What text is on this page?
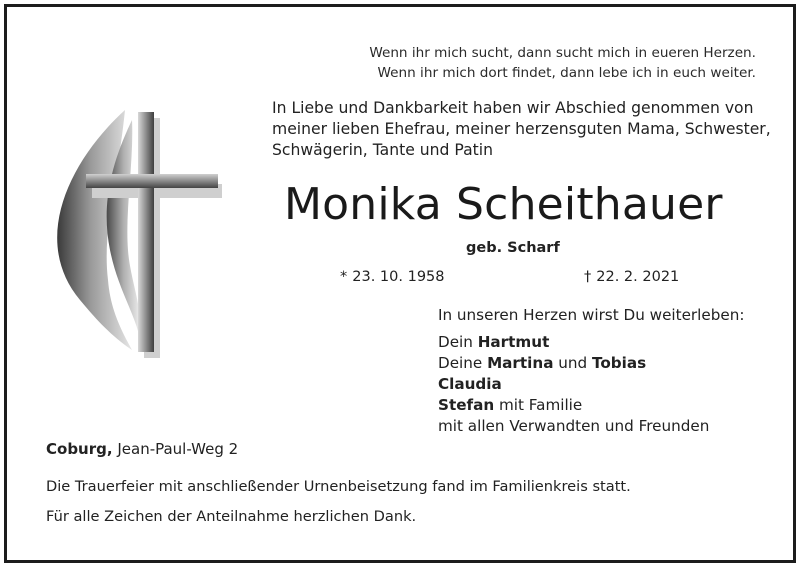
Wenn ihr mich sucht, dann sucht mich in eueren Herzen.
Wenn ihr mich dort findet, dann lebe ich in euch weiter.
In Liebe und Dankbarkeit haben wir Abschied genommen von
meiner lieben Ehefrau, meiner herzensguten Mama, Schwester,
Schwägerin, Tante und Patin
Monika Scheithauer
geb. Scharf
* 23. 10. 1958	† 22. 2. 2021
In unseren Herzen wirst Du weiterleben:
Dein Hartmut
Deine Martina und Tobias
Claudia
Stefan mit Familie
mit allen Verwandten und Freunden
Coburg, Jean-Paul-Weg 2
Die Trauerfeier mit anschließender Urnenbeisetzung fand im Familienkreis statt.
Für alle Zeichen der Anteilnahme herzlichen Dank.
